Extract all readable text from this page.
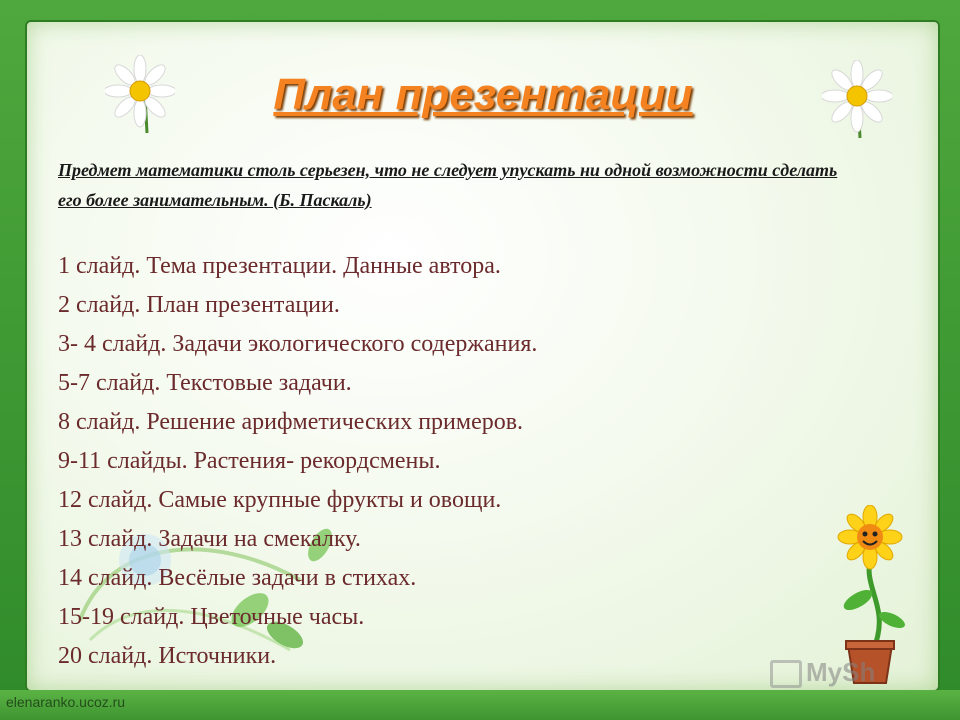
План презентации
Предмет математики столь серьезен, что не следует упускать ни одной возможности сделать его более занимательным. (Б. Паскаль)
1 слайд. Тема презентации. Данные автора.
2 слайд. План презентации.
3- 4 слайд. Задачи экологического содержания.
5-7 слайд. Текстовые задачи.
8 слайд. Решение арифметических примеров.
9-11 слайды. Растения- рекордсмены.
12 слайд. Самые крупные фрукты и овощи.
13 слайд. Задачи на смекалку.
14 слайд. Весёлые задачи в стихах.
15-19 слайд. Цветочные часы.
20 слайд. Источники.
MySh
elenaranko.ucoz.ru
